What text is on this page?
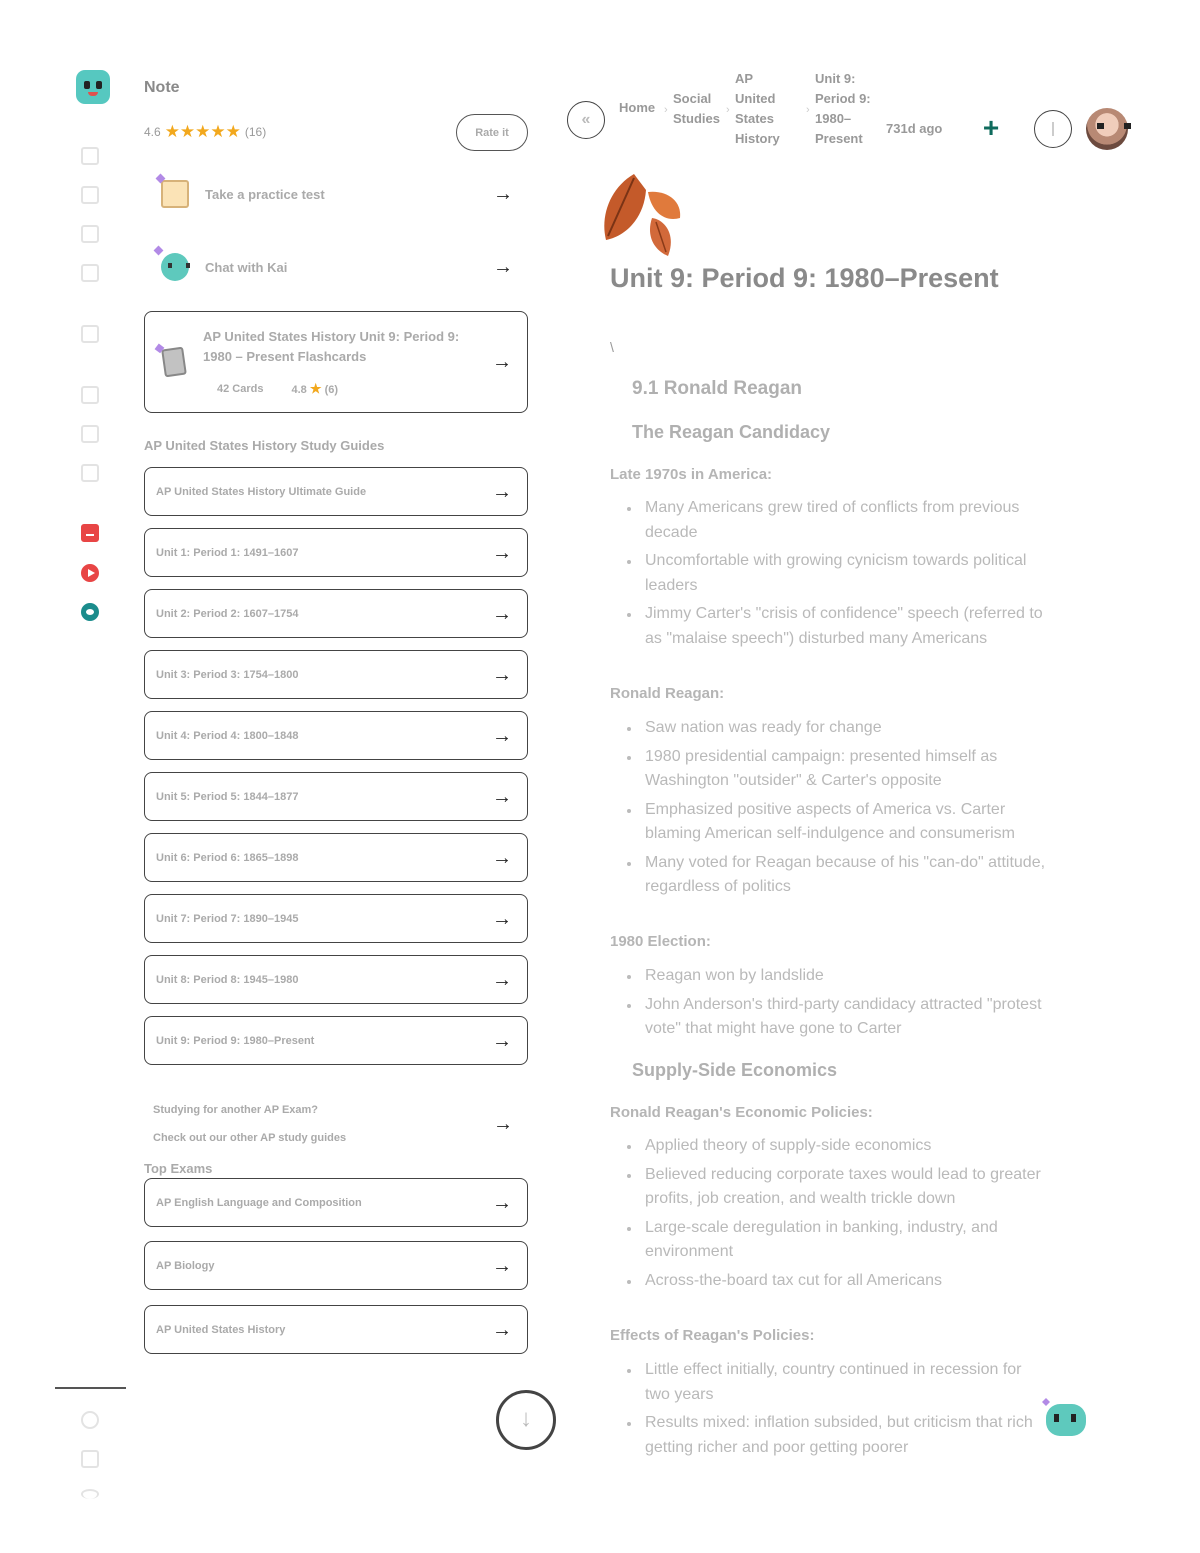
Note
4.6 ★★★★★ (16)	Rate it
Take a practice test	→
Chat with Kai	→
AP United States History Unit 9: Period 9: 1980 – Present Flashcards
42 Cards	4.8 ★ (6)
→
AP United States History Study Guides
AP United States History Ultimate Guide	→
Unit 1: Period 1: 1491–1607	→
Unit 2: Period 2: 1607–1754	→
Unit 3: Period 3: 1754–1800	→
Unit 4: Period 4: 1800–1848	→
Unit 5: Period 5: 1844–1877	→
Unit 6: Period 6: 1865–1898	→
Unit 7: Period 7: 1890–1945	→
Unit 8: Period 8: 1945–1980	→
Unit 9: Period 9: 1980–Present	→
Studying for another AP Exam?
Check out our other AP study guides
→
Top Exams
AP English Language and Composition	→
AP Biology	→
AP United States History	→
↓
«
Home ›
Social
Studies
›
AP
United
States
History
›
Unit 9:
Period 9:
1980–
Present
731d ago +
Unit 9: Period 9: 1980–Present
\
9.1 Ronald Reagan
The Reagan Candidacy
Late 1970s in America:
Many Americans grew tired of conflicts from previous decade
Uncomfortable with growing cynicism towards political leaders
Jimmy Carter's "crisis of confidence" speech (referred to as "malaise speech") disturbed many Americans
Ronald Reagan:
Saw nation was ready for change
1980 presidential campaign: presented himself as Washington "outsider" & Carter's opposite
Emphasized positive aspects of America vs. Carter blaming American self-indulgence and consumerism
Many voted for Reagan because of his "can-do" attitude, regardless of politics
1980 Election:
Reagan won by landslide
John Anderson's third-party candidacy attracted "protest vote" that might have gone to Carter
Supply-Side Economics
Ronald Reagan's Economic Policies:
Applied theory of supply-side economics
Believed reducing corporate taxes would lead to greater profits, job creation, and wealth trickle down
Large-scale deregulation in banking, industry, and environment
Across-the-board tax cut for all Americans
Effects of Reagan's Policies:
Little effect initially, country continued in recession for two years
Results mixed: inflation subsided, but criticism that rich getting richer and poor getting poorer
